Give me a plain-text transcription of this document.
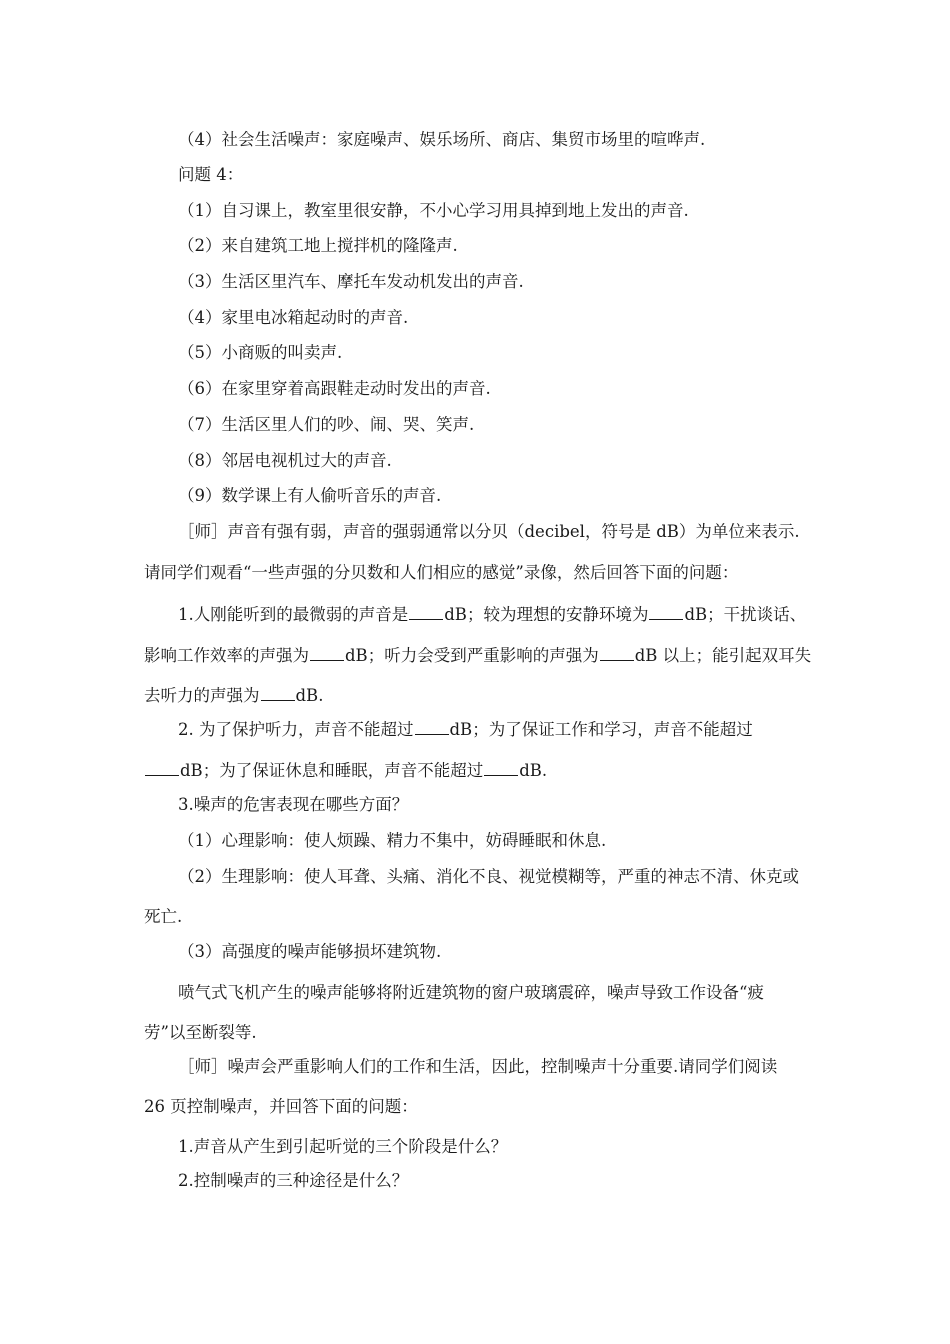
（4）社会生活噪声：家庭噪声、娱乐场所、商店、集贸市场里的喧哗声.
问题 4：
（1）自习课上，教室里很安静，不小心学习用具掉到地上发出的声音.
（2）来自建筑工地上搅拌机的隆隆声.
（3）生活区里汽车、摩托车发动机发出的声音.
（4）家里电冰箱起动时的声音.
（5）小商贩的叫卖声.
（6）在家里穿着高跟鞋走动时发出的声音.
（7）生活区里人们的吵、闹、哭、笑声.
（8）邻居电视机过大的声音.
（9）数学课上有人偷听音乐的声音.
［师］声音有强有弱，声音的强弱通常以分贝（decibel，符号是 dB）为单位来表示.
请同学们观看“一些声强的分贝数和人们相应的感觉”录像，然后回答下面的问题：
1.人刚能听到的最微弱的声音是 dB；较为理想的安静环境为 dB；干扰谈话、
影响工作效率的声强为 dB；听力会受到严重影响的声强为 dB 以上；能引起双耳失
去听力的声强为 dB.
2. 为了保护听力，声音不能超过 dB；为了保证工作和学习，声音不能超过
dB；为了保证休息和睡眠，声音不能超过 dB.
3.噪声的危害表现在哪些方面？
（1）心理影响：使人烦躁、精力不集中，妨碍睡眠和休息.
（2）生理影响：使人耳聋、头痛、消化不良、视觉模糊等，严重的神志不清、休克或
死亡.
（3）高强度的噪声能够损坏建筑物.
喷气式飞机产生的噪声能够将附近建筑物的窗户玻璃震碎，噪声导致工作设备“疲
劳”以至断裂等.
［师］噪声会严重影响人们的工作和生活，因此，控制噪声十分重要.请同学们阅读
26 页控制噪声，并回答下面的问题：
1.声音从产生到引起听觉的三个阶段是什么？
2.控制噪声的三种途径是什么？
